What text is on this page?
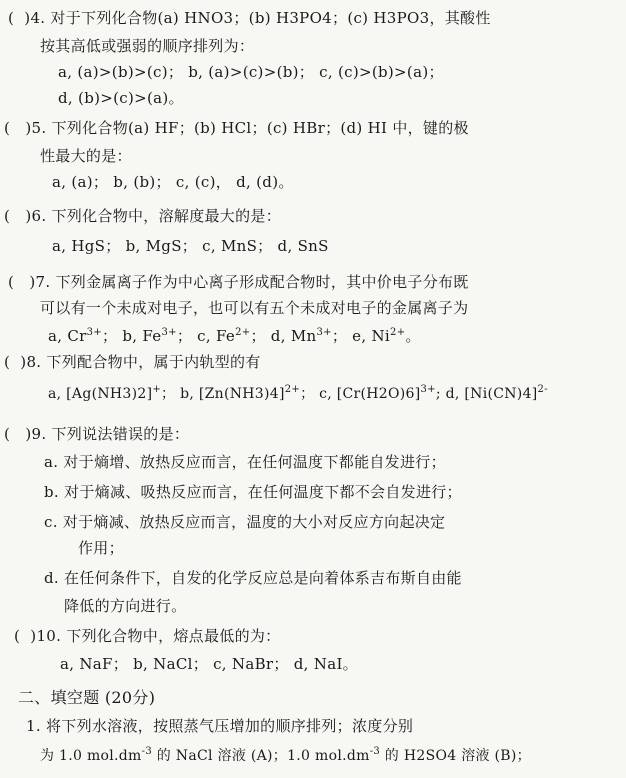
(  )4. 对于下列化合物(a) HNO3；(b) H3PO4；(c) H3PO3，其酸性
按其高低或强弱的顺序排列为：
a, (a)>(b)>(c)； b, (a)>(c)>(b)； c, (c)>(b)>(a)；
d, (b)>(c)>(a)。
(   )5. 下列化合物(a) HF；(b) HCl；(c) HBr；(d) HI 中，键的极
性最大的是：
a, (a)； b, (b)； c, (c)， d, (d)。
(   )6. 下列化合物中，溶解度最大的是：
a, HgS； b, MgS； c, MnS； d, SnS
(   )7. 下列金属离子作为中心离子形成配合物时，其中价电子分布既
可以有一个未成对电子，也可以有五个未成对电子的金属离子为
a, $Cr^{3+}$； b, $Fe^{3+}$； c, $Fe^{2+}$； d, $Mn^{3+}$； e, $Ni^{2+}$。
(  )8. 下列配合物中，属于内轨型的有
a, [Ag(NH3)2]+； b, $[Zn(NH3)4]^{2+}$； c, $[Cr(H2O)6]^{3+}$; d, $[Ni(CN)4]^{2-}$
(   )9. 下列说法错误的是：
a. 对于熵增、放热反应而言，在任何温度下都能自发进行；
b. 对于熵减、吸热反应而言，在任何温度下都不会自发进行；
c. 对于熵减、放热反应而言，温度的大小对反应方向起决定
作用；
d. 在任何条件下，自发的化学反应总是向着体系吉布斯自由能
降低的方向进行。
(  )10. 下列化合物中，熔点最低的为：
a, NaF； b, NaCl； c, NaBr； d, NaI。
二、填空题 (20分)
1. 将下列水溶液，按照蒸气压增加的顺序排列；浓度分别
为 1.0 $mol.dm^{-3}$ 的 NaCl 溶液 (A)；1.0 $mol.dm^{-3}$ 的 H2SO4 溶液 (B)；
